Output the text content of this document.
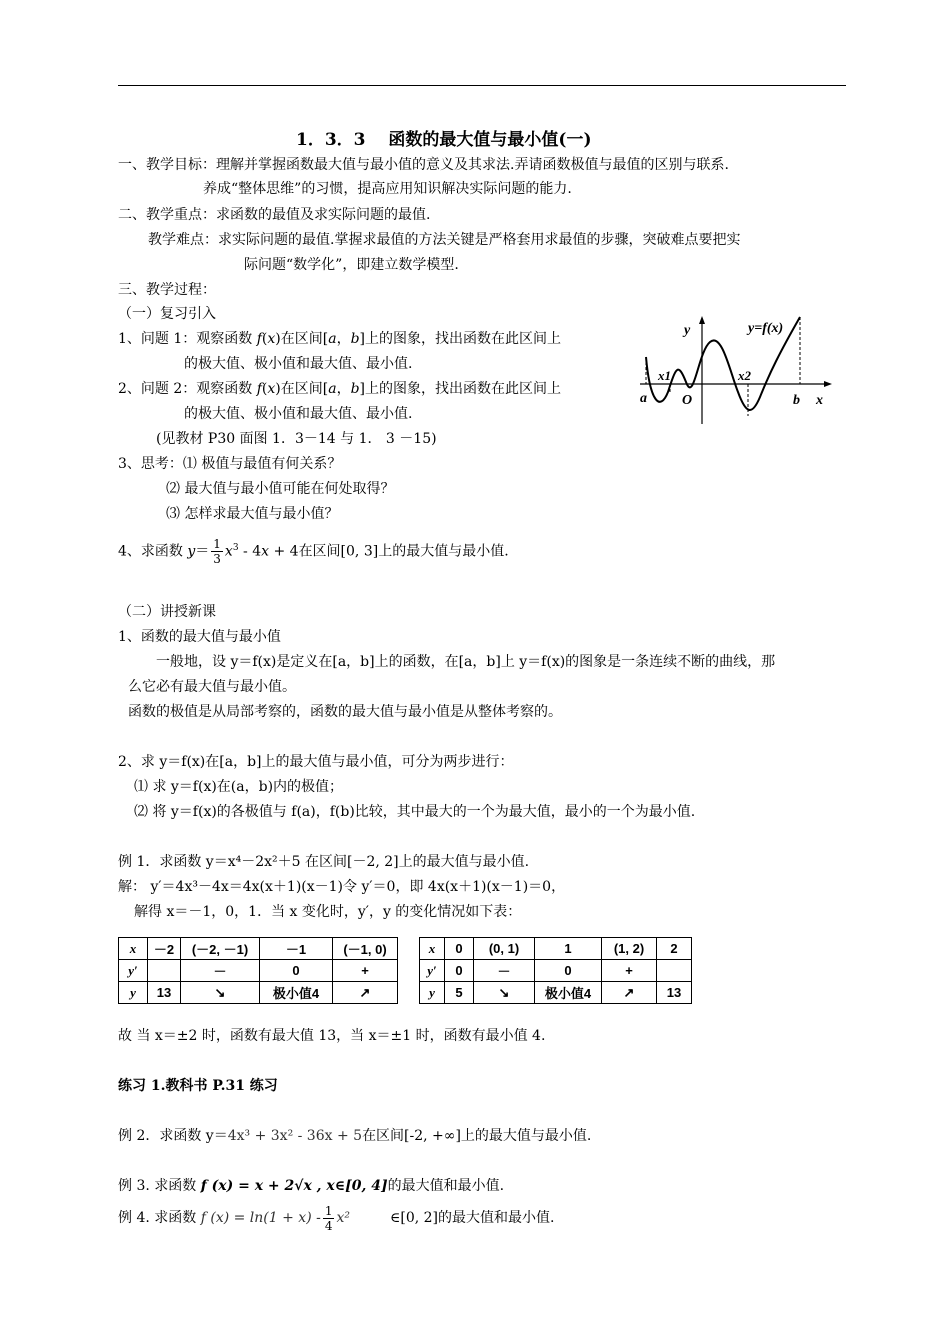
1．3．3　 函数的最大值与最小值(一)
一、教学目标：理解并掌握函数最大值与最小值的意义及其求法.弄请函数极值与最值的区别与联系.
养成“整体思维”的习惯，提高应用知识解决实际问题的能力.
二、教学重点：求函数的最值及求实际问题的最值.
教学难点：求实际问题的最值.掌握求最值的方法关键是严格套用求最值的步骤，突破难点要把实
际问题“数学化”，即建立数学模型.
三、教学过程：
（一）复习引入
1、问题 1：观察函数 f(x)在区间[a，b]上的图象，找出函数在此区间上
的极大值、极小值和最大值、最小值.
2、问题 2：观察函数 f(x)在区间[a，b]上的图象，找出函数在此区间上
的极大值、极小值和最大值、最小值.
(见教材 P30 面图 1．3－14 与 1． 3 －15)
3、思考：⑴ 极值与最值有何关系？
⑵ 最大值与最小值可能在何处取得？
⑶ 怎样求最大值与最小值？
4、求函数 $y= \frac{1}{3} x^3 - 4x + 4$在区间[0, 3]上的最大值与最小值.
y	y=f(x)
x1	x2
a	O	b x
（二）讲授新课
1、函数的最大值与最小值
一般地，设 y＝f(x)是定义在[a，b]上的函数，在[a，b]上 y＝f(x)的图象是一条连续不断的曲线，那
么它必有最大值与最小值。
函数的极值是从局部考察的，函数的最大值与最小值是从整体考察的。
2、求 y＝f(x)在[a，b]上的最大值与最小值，可分为两步进行：
⑴ 求 y＝f(x)在(a，b)内的极值；
⑵ 将 y＝f(x)的各极值与 f(a)，f(b)比较，其中最大的一个为最大值，最小的一个为最小值.
例 1．求函数 y＝x⁴－2x²＋5 在区间[－2, 2]上的最大值与最小值.
解： y′＝4x³－4x＝4x(x＋1)(x－1)令 y′＝0，即 4x(x＋1)(x－1)＝0，
解得 x＝－1，0，1．当 x 变化时，y′，y 的变化情况如下表：
x	－2	(－2, －1)	－1	(－1, 0)
y′		－	0	+
y	13	↘	极小值4	↗
x	0	(0, 1)	1	(1, 2)	2
y′	0	－	0	+	
y	5	↘	极小值4	↗	13
故 当 x＝±2 时，函数有最大值 13，当 x＝±1 时，函数有最小值 4.
练习 1.教科书 P.31 练习
例 2．求函数 y＝4x³ + 3x² - 36x + 5在区间[-2, +∞]上的最大值与最小值.
例 3. 求函数 f (x) = x + 2√x , x∈[0, 4]的最大值和最小值.
例 4. 求函数 f $(x) = \ln(1 + x) - \frac{1}{4} x^2$	∈[0, 2]的最大值和最小值.
